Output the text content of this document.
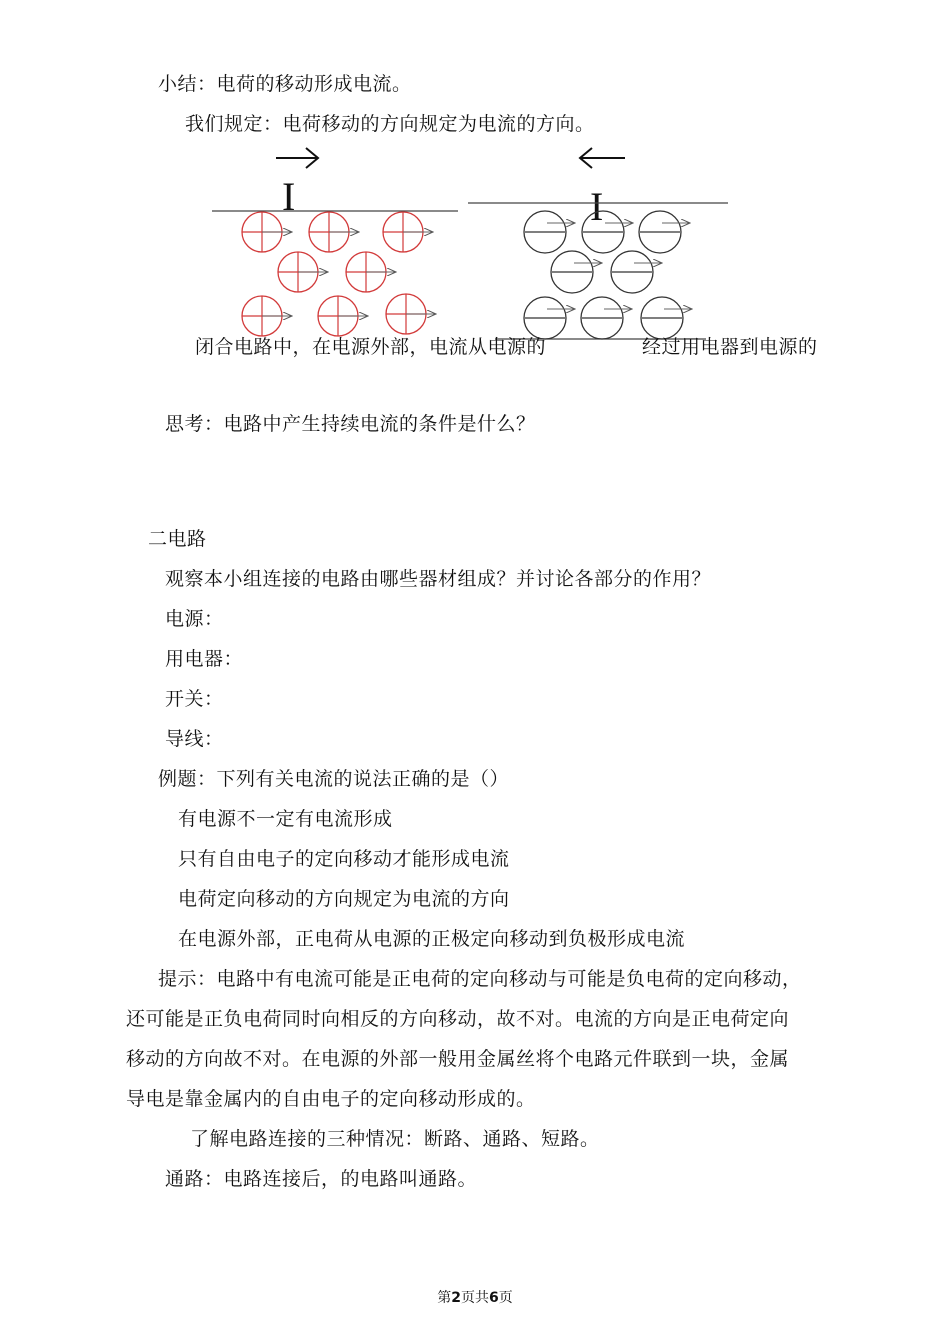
小结：电荷的移动形成电流。
我们规定：电荷移动的方向规定为电流的方向。
I	I
闭合电路中，在电源外部，电流从电源的	经过用电器到电源的
思考：电路中产生持续电流的条件是什么？
二电路
观察本小组连接的电路由哪些器材组成？并讨论各部分的作用？
电源：
用电器：
开关：
导线：
例题：下列有关电流的说法正确的是（）
有电源不一定有电流形成
只有自由电子的定向移动才能形成电流
电荷定向移动的方向规定为电流的方向
在电源外部，正电荷从电源的正极定向移动到负极形成电流
提示：电路中有电流可能是正电荷的定向移动与可能是负电荷的定向移动，
还可能是正负电荷同时向相反的方向移动，故不对。电流的方向是正电荷定向
移动的方向故不对。在电源的外部一般用金属丝将个电路元件联到一块，金属
导电是靠金属内的自由电子的定向移动形成的。
了解电路连接的三种情况：断路、通路、短路。
通路：电路连接后，的电路叫通路。
第2页共6页
